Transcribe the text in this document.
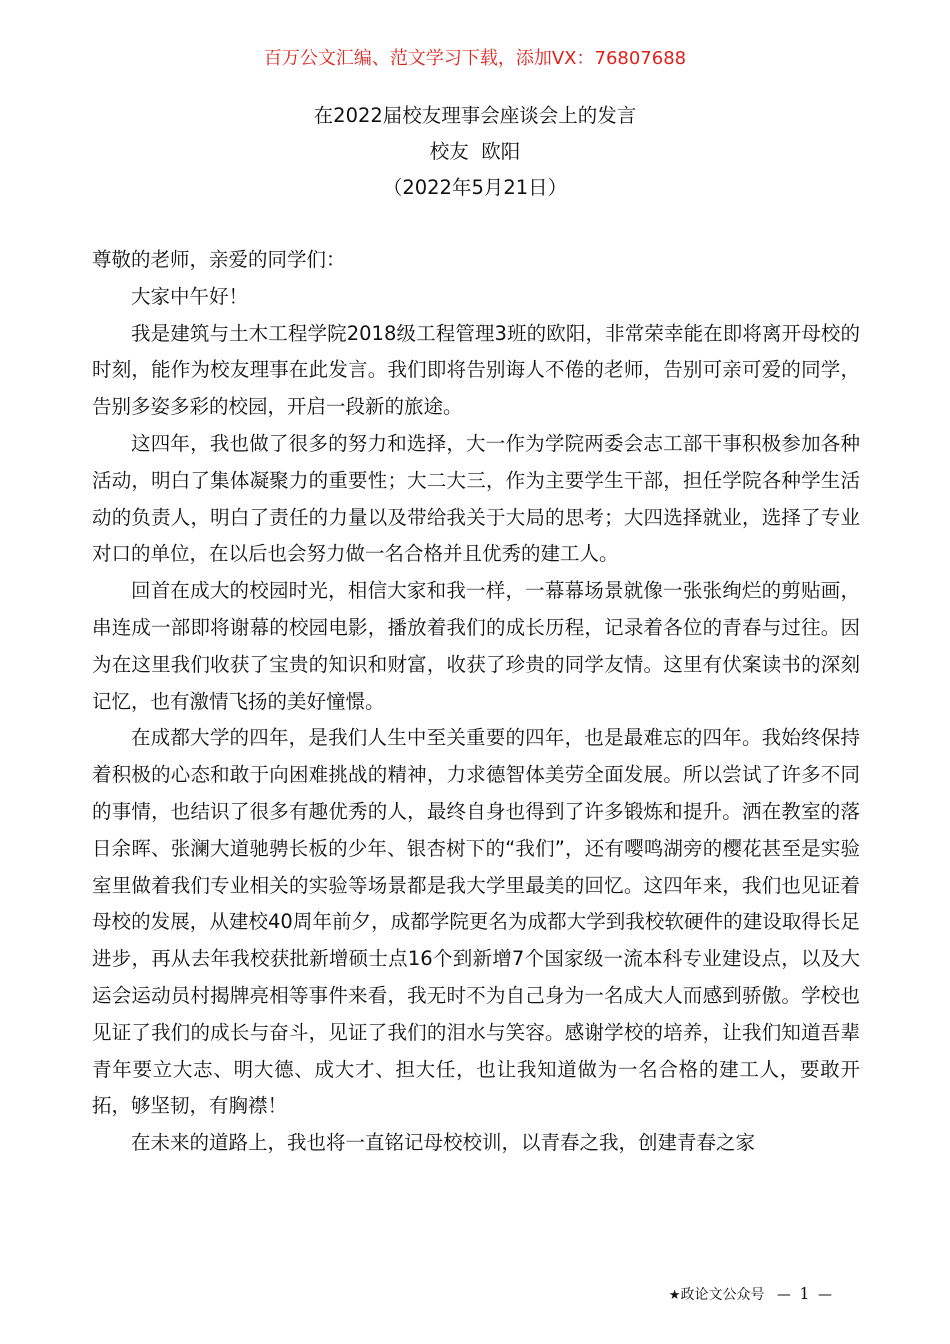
百万公文汇编、范文学习下载，添加VX：76807688
在2022届校友理事会座谈会上的发言
校友  欧阳
（2022年5月21日）

尊敬的老师，亲爱的同学们：

大家中午好！

我是建筑与土木工程学院2018级工程管理3班的欧阳，非常荣幸能在即将离开母校的时刻，能作为校友理事在此发言。我们即将告别诲人不倦的老师，告别可亲可爱的同学，告别多姿多彩的校园，开启一段新的旅途。

这四年，我也做了很多的努力和选择，大一作为学院两委会志工部干事积极参加各种活动，明白了集体凝聚力的重要性；大二大三，作为主要学生干部，担任学院各种学生活动的负责人，明白了责任的力量以及带给我关于大局的思考；大四选择就业，选择了专业对口的单位，在以后也会努力做一名合格并且优秀的建工人。

回首在成大的校园时光，相信大家和我一样，一幕幕场景就像一张张绚烂的剪贴画，串连成一部即将谢幕的校园电影，播放着我们的成长历程，记录着各位的青春与过往。因为在这里我们收获了宝贵的知识和财富，收获了珍贵的同学友情。这里有伏案读书的深刻记忆，也有激情飞扬的美好憧憬。

在成都大学的四年，是我们人生中至关重要的四年，也是最难忘的四年。我始终保持着积极的心态和敢于向困难挑战的精神，力求德智体美劳全面发展。所以尝试了许多不同的事情，也结识了很多有趣优秀的人，最终自身也得到了许多锻炼和提升。洒在教室的落日余晖、张澜大道驰骋长板的少年、银杏树下的“我们”，还有嘤鸣湖旁的樱花甚至是实验室里做着我们专业相关的实验等场景都是我大学里最美的回忆。这四年来，我们也见证着母校的发展，从建校40周年前夕，成都学院更名为成都大学到我校软硬件的建设取得长足进步，再从去年我校获批新增硕士点16个到新增7个国家级一流本科专业建设点，以及大运会运动员村揭牌亮相等事件来看，我无时不为自己身为一名成大人而感到骄傲。学校也见证了我们的成长与奋斗，见证了我们的泪水与笑容。感谢学校的培养，让我们知道吾辈青年要立大志、明大德、成大才、担大任，也让我知道做为一名合格的建工人，要敢开拓，够坚韧，有胸襟！

在未来的道路上，我也将一直铭记母校校训，以青春之我，创建青春之家

★政论文公众号 — 1 —
